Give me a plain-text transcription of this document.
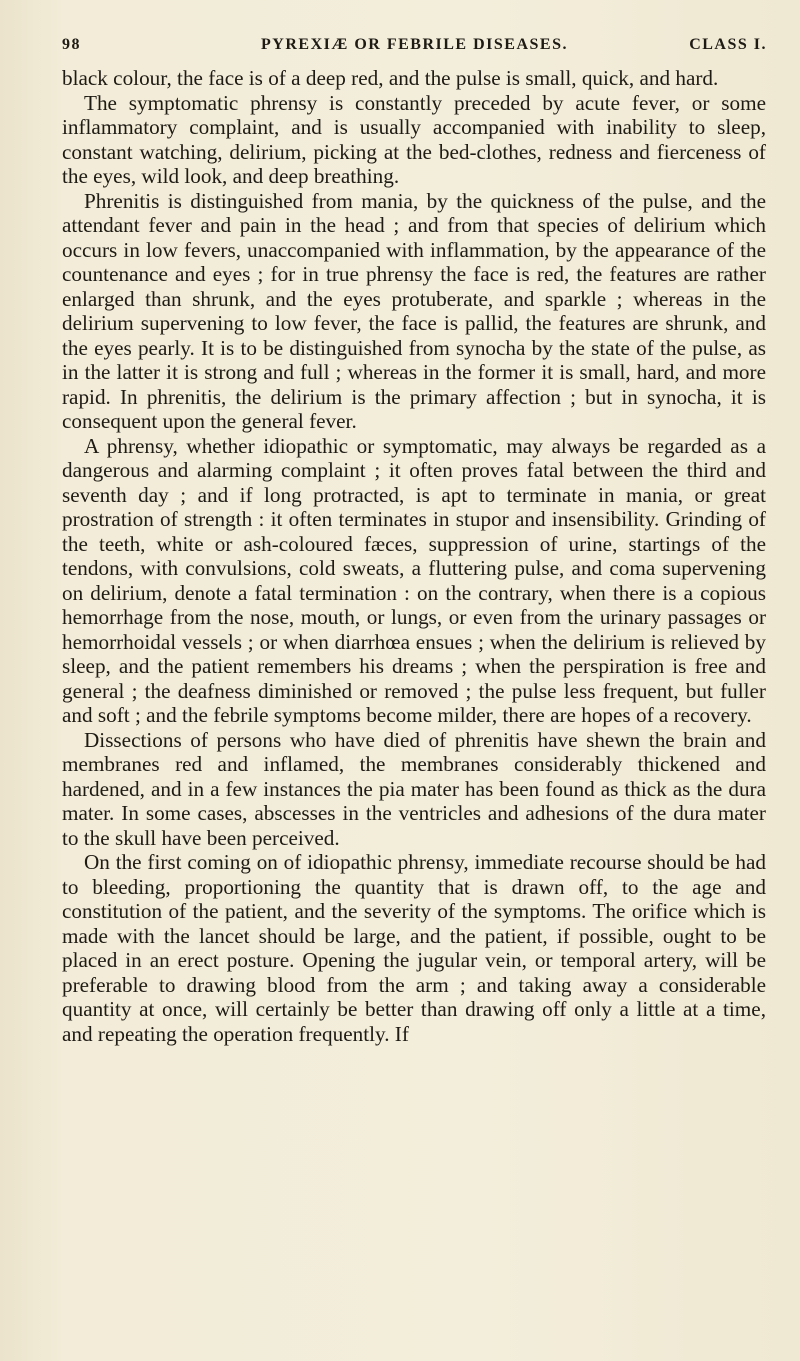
98	PYREXIÆ OR FEBRILE DISEASES.	CLASS I.

black colour, the face is of a deep red, and the pulse is small, quick, and hard.

The symptomatic phrensy is constantly preceded by acute fever, or some inflammatory complaint, and is usually accompanied with inability to sleep, constant watching, delirium, picking at the bed-clothes, redness and fierceness of the eyes, wild look, and deep breathing.

Phrenitis is distinguished from mania, by the quickness of the pulse, and the attendant fever and pain in the head ; and from that species of delirium which occurs in low fevers, unaccompanied with inflammation, by the appearance of the countenance and eyes ; for in true phrensy the face is red, the features are rather enlarged than shrunk, and the eyes protuberate, and sparkle ; whereas in the delirium supervening to low fever, the face is pallid, the features are shrunk, and the eyes pearly. It is to be distinguished from synocha by the state of the pulse, as in the latter it is strong and full ; whereas in the former it is small, hard, and more rapid. In phrenitis, the delirium is the primary affection ; but in synocha, it is consequent upon the general fever.

A phrensy, whether idiopathic or symptomatic, may always be regarded as a dangerous and alarming complaint ; it often proves fatal between the third and seventh day ; and if long protracted, is apt to terminate in mania, or great prostration of strength : it often terminates in stupor and insensibility. Grinding of the teeth, white or ash-coloured fæces, suppression of urine, startings of the tendons, with convulsions, cold sweats, a fluttering pulse, and coma supervening on delirium, denote a fatal termination : on the contrary, when there is a copious hemorrhage from the nose, mouth, or lungs, or even from the urinary passages or hemorrhoidal vessels ; or when diarrhœa ensues ; when the delirium is relieved by sleep, and the patient remembers his dreams ; when the perspiration is free and general ; the deafness diminished or removed ; the pulse less frequent, but fuller and soft ; and the febrile symptoms become milder, there are hopes of a recovery.

Dissections of persons who have died of phrenitis have shewn the brain and membranes red and inflamed, the membranes considerably thickened and hardened, and in a few instances the pia mater has been found as thick as the dura mater. In some cases, abscesses in the ventricles and adhesions of the dura mater to the skull have been perceived.

On the first coming on of idiopathic phrensy, immediate recourse should be had to bleeding, proportioning the quantity that is drawn off, to the age and constitution of the patient, and the severity of the symptoms. The orifice which is made with the lancet should be large, and the patient, if possible, ought to be placed in an erect posture. Opening the jugular vein, or temporal artery, will be preferable to drawing blood from the arm ; and taking away a considerable quantity at once, will certainly be better than drawing off only a little at a time, and repeating the operation frequently. If
